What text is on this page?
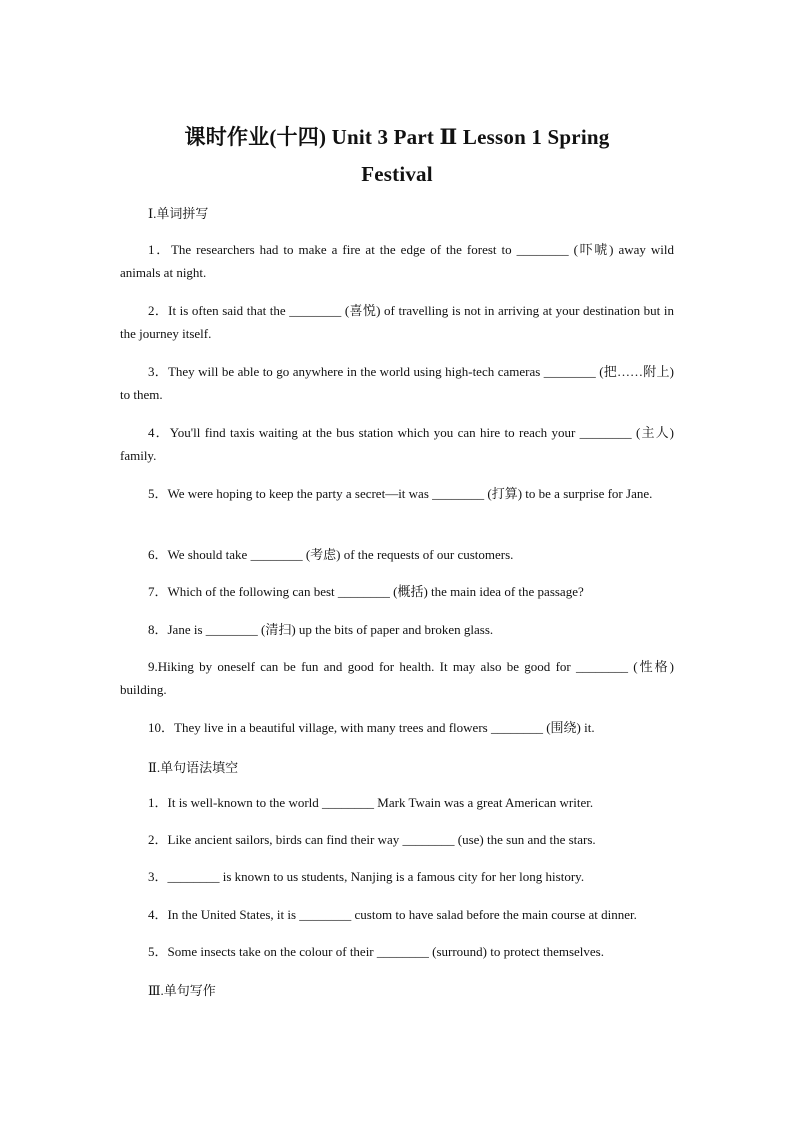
课时作业(十四) Unit 3 Part Ⅱ Lesson 1 Spring
Festival
Ⅰ.单词拼写
1．The researchers had to make a fire at the edge of the forest to ________ (吓唬) away wild animals at night.
2．It is often said that the ________ (喜悦) of travelling is not in arriving at your destination but in the journey itself.
3．They will be able to go anywhere in the world using high-tech cameras ________ (把……附上) to them.
4．You'll find taxis waiting at the bus station which you can hire to reach your ________ (主人) family.
5．We were hoping to keep the party a secret—it was ________ (打算) to be a surprise for Jane.
6．We should take ________ (考虑) of the requests of our customers.
7．Which of the following can best ________ (概括) the main idea of the passage?
8．Jane is ________ (清扫) up the bits of paper and broken glass.
9.Hiking by oneself can be fun and good for health. It may also be good for ________ (性格) building.
10．They live in a beautiful village, with many trees and flowers ________ (围绕) it.
Ⅱ.单句语法填空
1．It is well-known to the world ________ Mark Twain was a great American writer.
2．Like ancient sailors, birds can find their way ________ (use) the sun and the stars.
3．________ is known to us students, Nanjing is a famous city for her long history.
4．In the United States, it is ________ custom to have salad before the main course at dinner.
5．Some insects take on the colour of their ________ (surround) to protect themselves.
Ⅲ.单句写作
